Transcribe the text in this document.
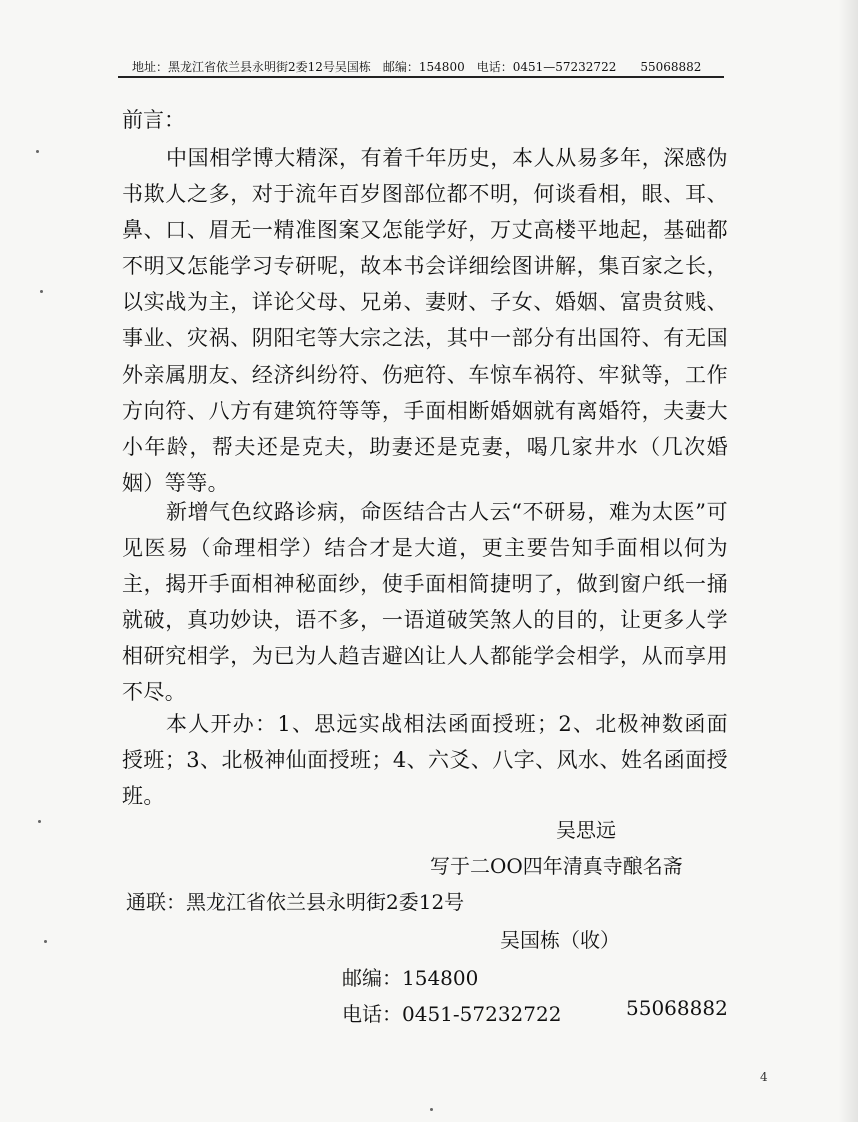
地址：黑龙江省依兰县永明街2委12号吴国栋　邮编：154800　电话：0451—57232722　　55068882
前言：
中国相学博大精深，有着千年历史，本人从易多年，深感伪书欺人之多，对于流年百岁图部位都不明，何谈看相，眼、耳、鼻、口、眉无一精准图案又怎能学好，万丈高楼平地起，基础都不明又怎能学习专研呢，故本书会详细绘图讲解，集百家之长，以实战为主，详论父母、兄弟、妻财、子女、婚姻、富贵贫贱、事业、灾祸、阴阳宅等大宗之法，其中一部分有出国符、有无国外亲属朋友、经济纠纷符、伤疤符、车惊车祸符、牢狱等，工作方向符、八方有建筑符等等，手面相断婚姻就有离婚符，夫妻大小年龄，帮夫还是克夫，助妻还是克妻，喝几家井水（几次婚姻）等等。
新增气色纹路诊病，命医结合古人云“不研易，难为太医”可见医易（命理相学）结合才是大道，更主要告知手面相以何为主，揭开手面相神秘面纱，使手面相简捷明了，做到窗户纸一捅就破，真功妙诀，语不多，一语道破笑煞人的目的，让更多人学相研究相学，为已为人趋吉避凶让人人都能学会相学，从而享用不尽。
本人开办：1、思远实战相法函面授班；2、北极神数函面授班；3、北极神仙面授班；4、六爻、八字、风水、姓名函面授班。
吴思远
写于二OO四年清真寺酿名斋
通联：黑龙江省依兰县永明街2委12号
吴国栋（收）
邮编：154800
电话：0451-57232722	55068882
4
